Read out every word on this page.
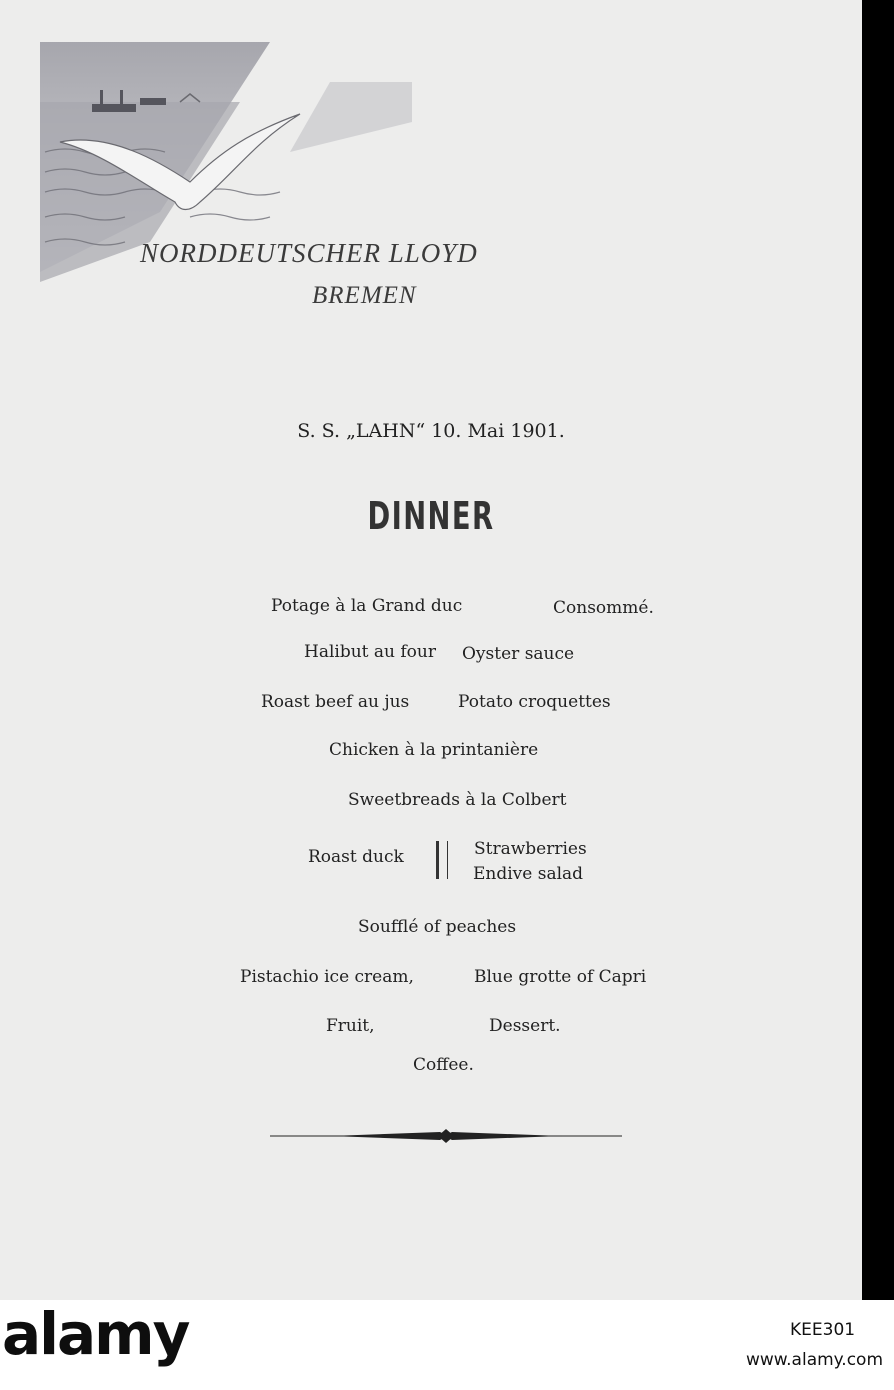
NORDDEUTSCHER LLOYD
BREMEN
S. S. „LAHN“ 10. Mai 1901.
DINNER
Potage à la Grand duc	Consommé.
Halibut au four Oyster sauce
Roast beef au jus	Potato croquettes
Chicken à la printanière
Sweetbreads à la Colbert
Roast duck	Strawberries
Endive salad
Soufflé of peaches
Pistachio ice cream,	Blue grotte of Capri
Fruit,	Dessert.
Coffee.
alamy	KEE301
www.alamy.com
